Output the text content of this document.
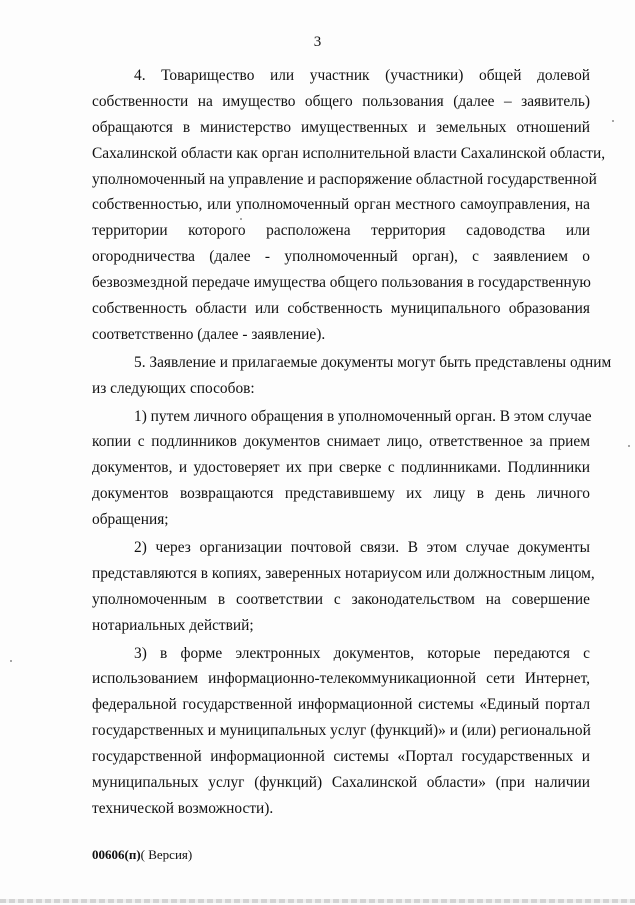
3
4. Товарищество или участник (участники) общей долевой
собственности на имущество общего пользования (далее – заявитель)
обращаются в министерство имущественных и земельных отношений
Сахалинской области как орган исполнительной власти Сахалинской области,
уполномоченный на управление и распоряжение областной государственной
собственностью, или уполномоченный орган местного самоуправления, на
территории которого расположена территория садоводства или
огородничества (далее - уполномоченный орган), с заявлением о
безвозмездной передаче имущества общего пользования в государственную
собственность области или собственность муниципального образования
соответственно (далее - заявление).
5. Заявление и прилагаемые документы могут быть представлены одним
из следующих способов:
1) путем личного обращения в уполномоченный орган. В этом случае
копии с подлинников документов снимает лицо, ответственное за прием
документов, и удостоверяет их при сверке с подлинниками. Подлинники
документов возвращаются представившему их лицу в день личного
обращения;
2) через организации почтовой связи. В этом случае документы
представляются в копиях, заверенных нотариусом или должностным лицом,
уполномоченным в соответствии с законодательством на совершение
нотариальных действий;
3) в форме электронных документов, которые передаются с
использованием информационно-телекоммуникационной сети Интернет,
федеральной государственной информационной системы «Единый портал
государственных и муниципальных услуг (функций)» и (или) региональной
государственной информационной системы «Портал государственных и
муниципальных услуг (функций) Сахалинской области» (при наличии
технической возможности).
00606(п)( Версия)
